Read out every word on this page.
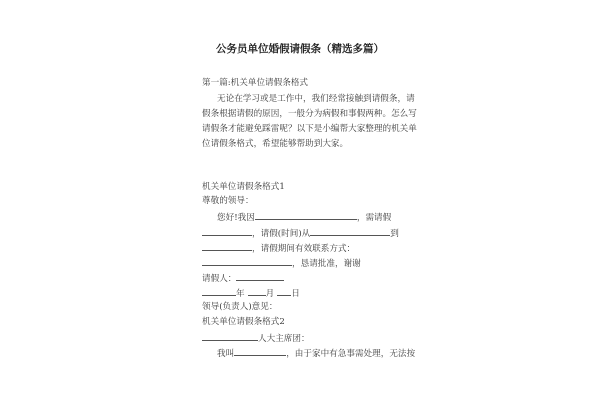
公务员单位婚假请假条（精选多篇）
第一篇:机关单位请假条格式
无论在学习或是工作中，我们经常接触到请假条，请
假条根据请假的原因，一般分为病假和事假两种。怎么写
请假条才能避免踩雷呢？以下是小编帮大家整理的机关单
位请假条格式，希望能够帮助到大家。
机关单位请假条格式1
尊敬的领导：
您好!我因	，需请假
，请假(时间)从	到
，请假期间有效联系方式：
，恳请批准，谢谢
请假人：
年 月 日
领导(负责人)意见：
机关单位请假条格式2
人大主席团：
我叫	，由于家中有急事需处理，无法按
